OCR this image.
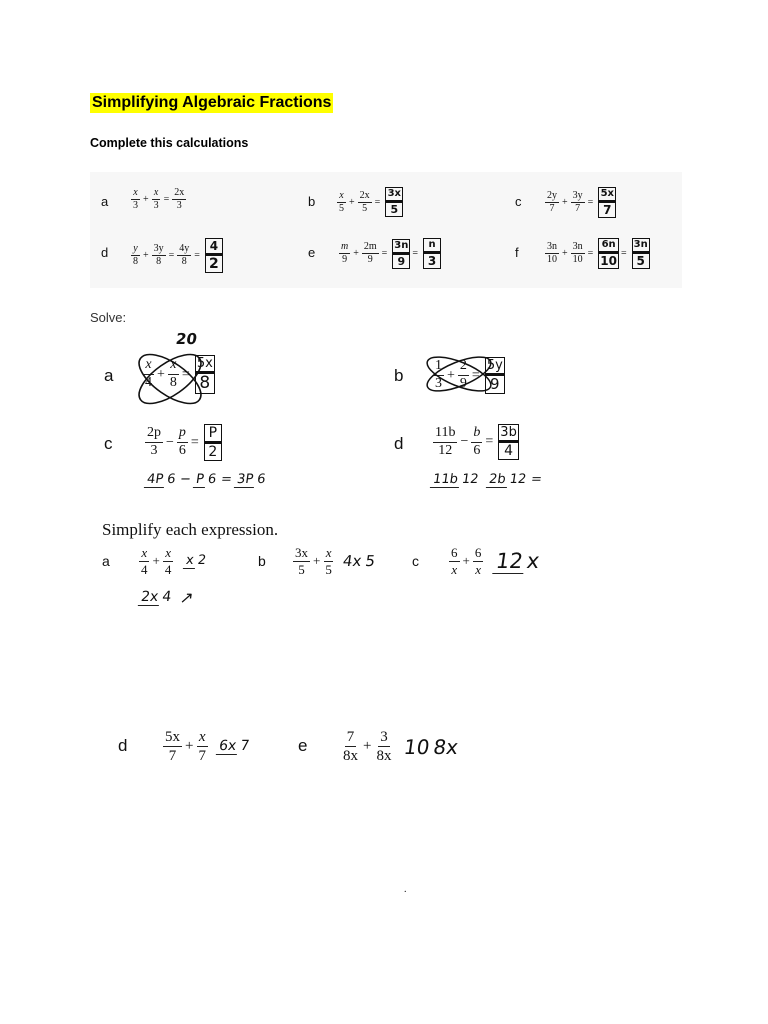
Simplifying Algebraic Fractions
Complete this calculations
a $\frac{x}{3} + \frac{x}{3} = \frac{2x}{3}$	b $\frac{x}{5} + \frac{2x}{5} = \frac{3x}{5}$	c $\frac{2y}{7} + \frac{3y}{7} = \frac{5x}{7}$
d $\frac{y}{8} + \frac{3y}{8} = \frac{4y}{8} = \frac{4}{2}$	e $\frac{m}{9} + \frac{2m}{9} = \frac{3n}{9} = \frac{n}{3}$	f	$\frac{3n}{10} + \frac{3n}{10} = \frac{6n}{10} = \frac{3n}{5}$
Solve:
a $\frac{x}{4} + \frac{x}{8} = \frac{5x}{8}$
20
b $\frac{1}{3} + \frac{2}{9} = \frac{5y}{9}$
c $\frac{2p}{3} - \frac{p}{6} = \frac{P}{2}$
4P 6 − P 6 = 3P 6
d $\frac{11b}{12} - \frac{b}{6} = \frac{3b}{4}$
11b 12 2b 12 =
Simplify each expression.
a $\frac{x}{4} + \frac{x}{4}$ x 2
2x 4 ↗
b $\frac{3x}{5} + \frac{x}{5} 4x5$	c $\frac{6}{x} + \frac{6}{x} 12x$
d $\frac{5x}{7} + \frac{x}{7} 6x$ 7	e $\frac{7}{8x} + \frac{3}{8x} 108x$
.
